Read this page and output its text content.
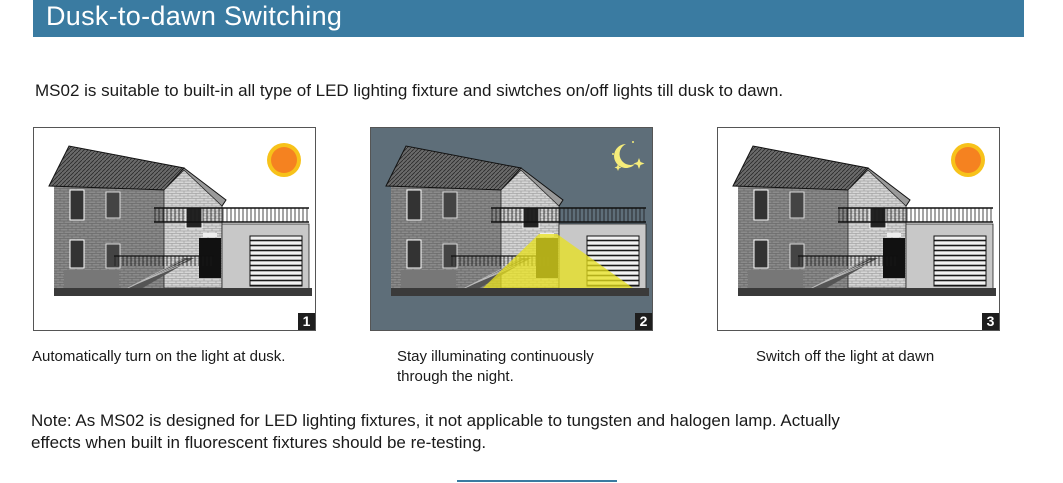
Dusk-to-dawn Switching
MS02 is suitable to built-in all type of LED lighting fixture and siwtches on/off lights till dusk to dawn.
1	2	3
Automatically turn on the light at dusk.	Stay illuminating continuously
through the night.
Switch off the light at dawn
Note: As MS02 is designed for LED lighting fixtures, it not applicable to tungsten and halogen lamp. Actually
effects when built in fluorescent fixtures should be re-testing.
